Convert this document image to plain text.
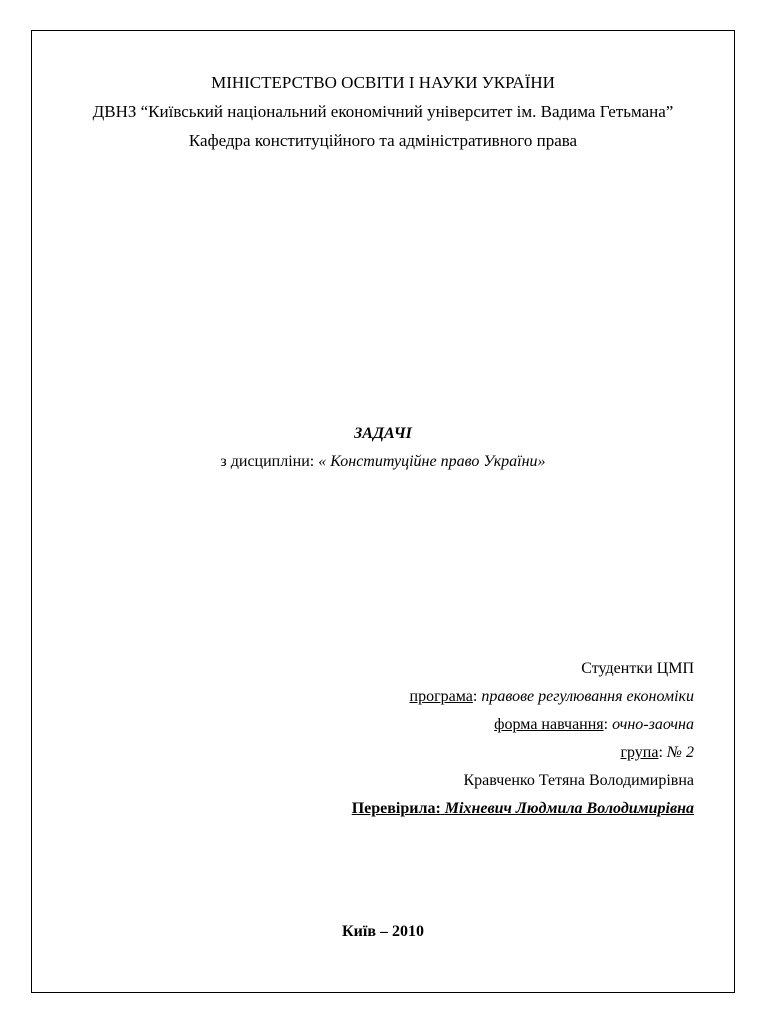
МІНІСТЕРСТВО ОСВІТИ І НАУКИ УКРАЇНИ
ДВНЗ “Київський національний економічний університет ім. Вадима Гетьмана”
Кафедра конституційного та адміністративного права
ЗАДАЧІ
з дисципліни: « Конституційне право України»
Студентки ЦМП
програма: правове регулювання економіки
форма навчання: очно-заочна
група: № 2
Кравченко Тетяна Володимирівна
Перевірила: Міхневич Людмила Володимирівна
Київ – 2010
